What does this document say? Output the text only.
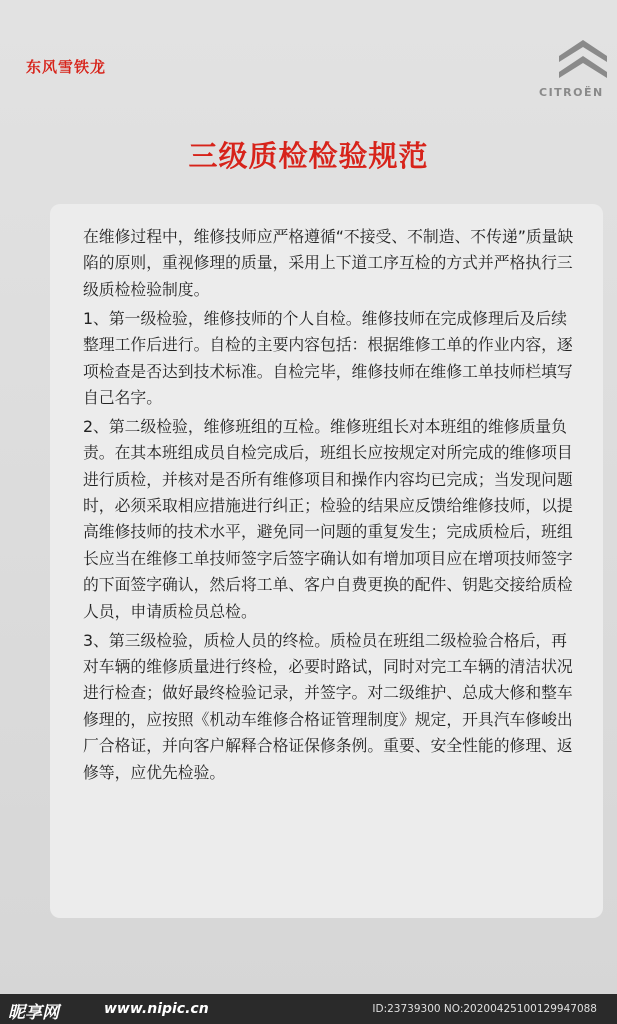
东风雪铁龙
CITROËN
三级质检检验规范

在维修过程中，维修技师应严格遵循“不接受、不制造、不传递”质量缺陷的原则，重视修理的质量，采用上下道工序互检的方式并严格执行三级质检检验制度。

1、第一级检验，维修技师的个人自检。维修技师在完成修理后及后续整理工作后进行。自检的主要内容包括：根据维修工单的作业内容，逐项检查是否达到技术标准。自检完毕，维修技师在维修工单技师栏填写自己名字。

2、第二级检验，维修班组的互检。维修班组长对本班组的维修质量负责。在其本班组成员自检完成后，班组长应按规定对所完成的维修项目进行质检，并核对是否所有维修项目和操作内容均已完成；当发现问题时，必须采取相应措施进行纠正；检验的结果应反馈给维修技师，以提高维修技师的技术水平，避免同一问题的重复发生；完成质检后，班组长应当在维修工单技师签字后签字确认如有增加项目应在增项技师签字的下面签字确认，然后将工单、客户自费更换的配件、钥匙交接给质检人员，申请质检员总检。

3、第三级检验，质检人员的终检。质检员在班组二级检验合格后，再对车辆的维修质量进行终检，必要时路试，同时对完工车辆的清洁状况进行检查；做好最终检验记录，并签字。对二级维护、总成大修和整车修理的，应按照《机动车维修合格证管理制度》规定，开具汽车修峻出厂合格证，并向客户解释合格证保修条例。重要、安全性能的修理、返修等，应优先检验。

昵享网	www.nipic.cn	ID:23739300 NO:20200425100129947088
